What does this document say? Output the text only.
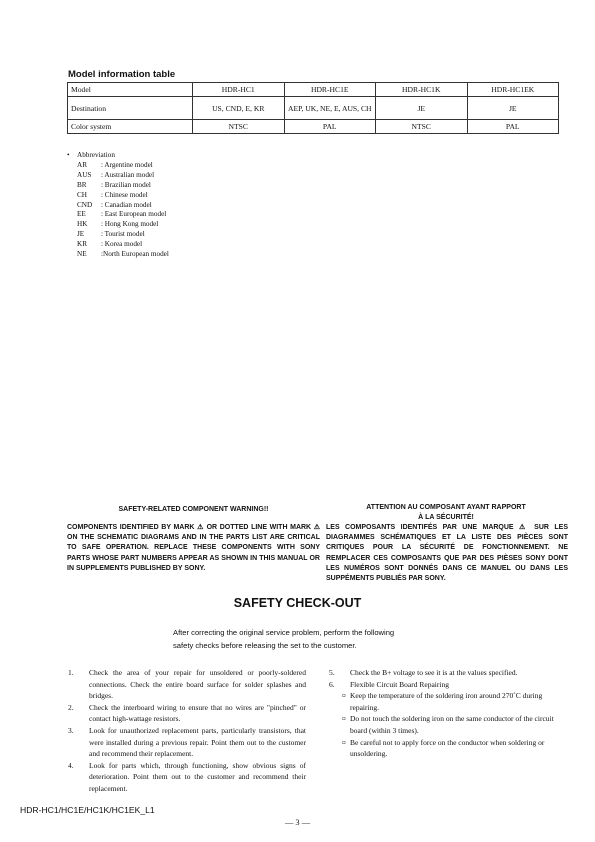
Model information table
Model	HDR-HC1	HDR-HC1E	HDR-HC1K	HDR-HC1EK
Destination	US, CND, E, KR	AEP, UK, NE, E, AUS, CH	JE	JE
Color system	NTSC	PAL	NTSC	PAL
•	Abbreviation
AR	: Argentine model
AUS	: Australian model
BR	: Brazilian model
CH	: Chinese model
CND	: Canadian model
EE	: East European model
HK	: Hong Kong model
JE	: Tourist model
KR	: Korea model
NE	:North European model
SAFETY-RELATED COMPONENT WARNING!!
COMPONENTS IDENTIFIED BY MARK ⚠ OR DOTTED LINE WITH MARK ⚠ ON THE SCHEMATIC DIAGRAMS AND IN THE PARTS LIST ARE CRITICAL TO SAFE OPERATION. REPLACE THESE COMPONENTS WITH SONY PARTS WHOSE PART NUMBERS APPEAR AS SHOWN IN THIS MANUAL OR IN SUPPLEMENTS PUBLISHED BY SONY.
ATTENTION AU COMPOSANT AYANT RAPPORT
À LA SÉCURITÉ!
LES COMPOSANTS IDENTIFÉS PAR UNE MARQUE ⚠ SUR LES DIAGRAMMES SCHÉMATIQUES ET LA LISTE DES PIÈCES SONT CRITIQUES POUR LA SÉCURITÉ DE FONCTIONNEMENT. NE REMPLACER CES COMPOSANTS QUE PAR DES PIÈSES SONY DONT LES NUMÉROS SONT DONNÉS DANS CE MANUEL OU DANS LES SUPPÉMENTS PUBLIÉS PAR SONY.
SAFETY CHECK-OUT
After correcting the original service problem, perform the following
safety checks before releasing the set to the customer.
1.	Check the area of your repair for unsoldered or poorly-soldered connections. Check the entire board surface for solder splashes and bridges.
2.	Check the interboard wiring to ensure that no wires are "pinched" or contact high-wattage resistors.
3.	Look for unauthorized replacement parts, particularly transistors, that were installed during a previous repair. Point them out to the customer and recommend their replacement.
4.	Look for parts which, through functioning, show obvious signs of deterioration. Point them out to the customer and recommend their replacement.
5.	Check the B+ voltage to see it is at the values specified.
6.	Flexible Circuit Board Repairing
¤ Keep the temperature of the soldering iron around 270˚C during repairing.
¤ Do not touch the soldering iron on the same conductor of the circuit board (within 3 times).
¤ Be careful not to apply force on the conductor when soldering or unsoldering.
HDR-HC1/HC1E/HC1K/HC1EK_L1
— 3 —
